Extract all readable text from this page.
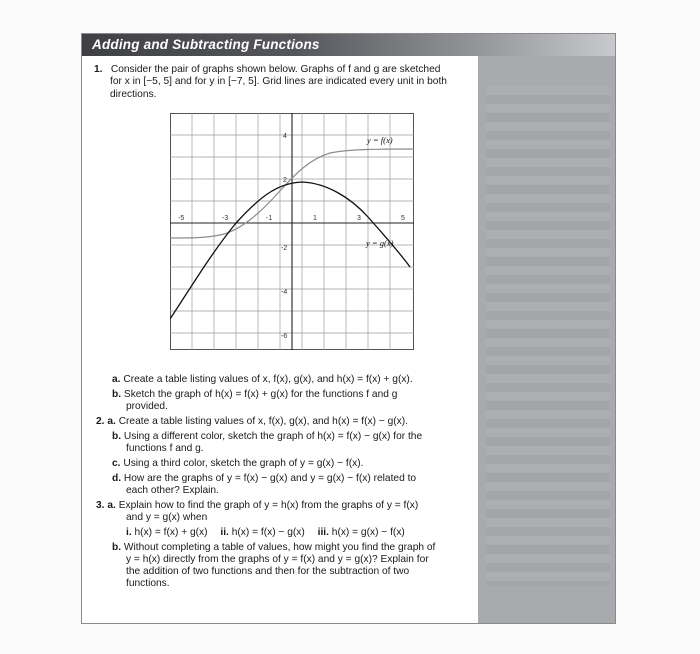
Adding and Subtracting Functions
1. Consider the pair of graphs shown below. Graphs of f and g are sketched
for x in [−5, 5] and for y in [−7, 5]. Grid lines are indicated every unit in both
directions.
-5	-3	-1	1	3	5
4
2
-2
-4
-6
y = f(x)
y = g(x)
a. Create a table listing values of x, f(x), g(x), and h(x) = f(x) + g(x).
b. Sketch the graph of h(x) = f(x) + g(x) for the functions f and g
provided.
2. a. Create a table listing values of x, f(x), g(x), and h(x) = f(x) − g(x).
b. Using a different color, sketch the graph of h(x) = f(x) − g(x) for the
functions f and g.
c. Using a third color, sketch the graph of y = g(x) − f(x).
d. How are the graphs of y = f(x) − g(x) and y = g(x) − f(x) related to
each other? Explain.
3. a. Explain how to find the graph of y = h(x) from the graphs of y = f(x)
and y = g(x) when
i. h(x) = f(x) + g(x) ii. h(x) = f(x) − g(x) iii. h(x) = g(x) − f(x)
b. Without completing a table of values, how might you find the graph of
y = h(x) directly from the graphs of y = f(x) and y = g(x)? Explain for
the addition of two functions and then for the subtraction of two
functions.
